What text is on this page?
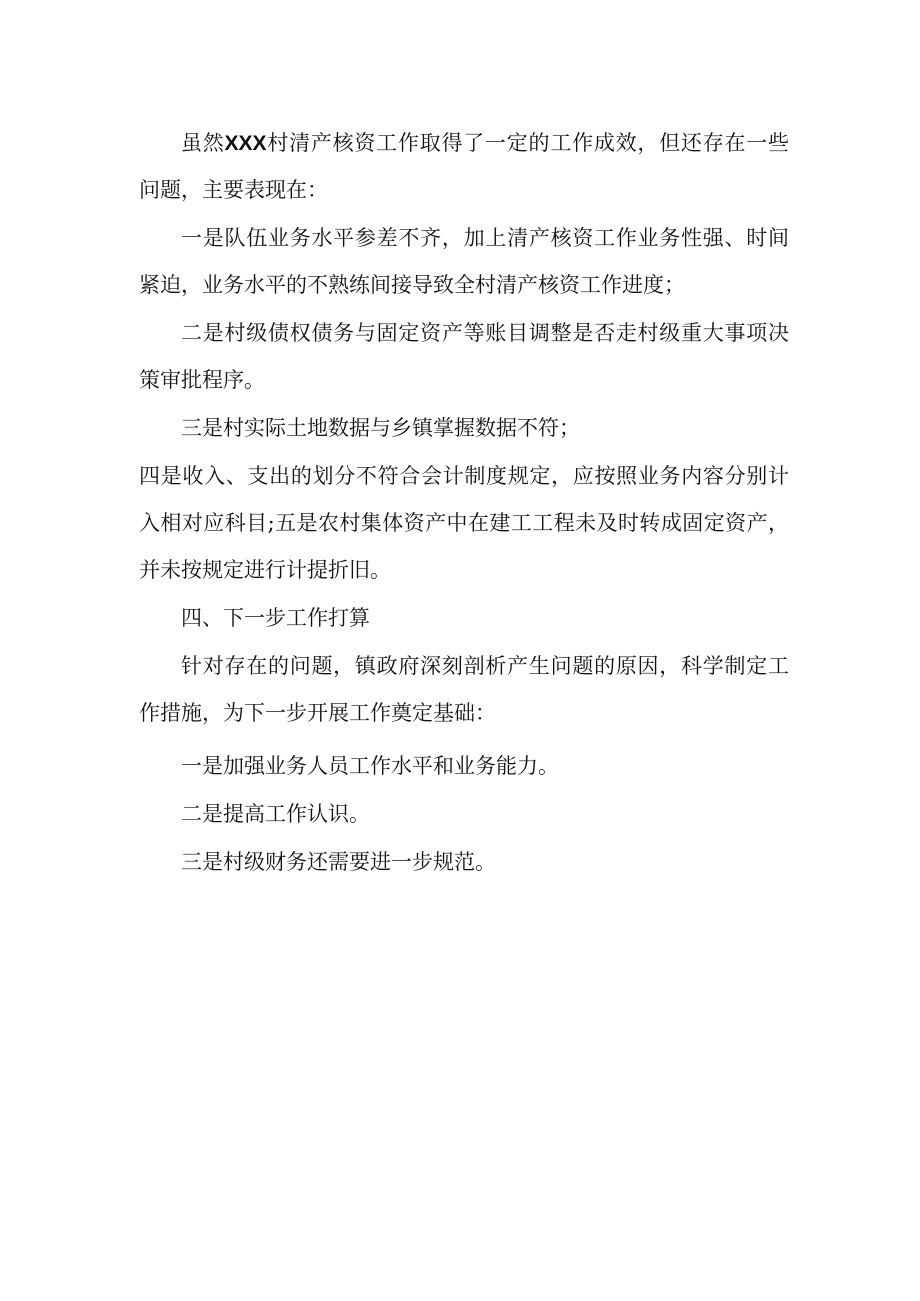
虽然XXX村清产核资工作取得了一定的工作成效，但还存在一些问题，主要表现在：

一是队伍业务水平参差不齐，加上清产核资工作业务性强、时间紧迫，业务水平的不熟练间接导致全村清产核资工作进度；

二是村级债权债务与固定资产等账目调整是否走村级重大事项决策审批程序。

三是村实际土地数据与乡镇掌握数据不符；

四是收入、支出的划分不符合会计制度规定，应按照业务内容分别计入相对应科目;五是农村集体资产中在建工工程未及时转成固定资产，并未按规定进行计提折旧。

四、下一步工作打算

针对存在的问题，镇政府深刻剖析产生问题的原因，科学制定工作措施，为下一步开展工作奠定基础：

一是加强业务人员工作水平和业务能力。

二是提高工作认识。

三是村级财务还需要进一步规范。
